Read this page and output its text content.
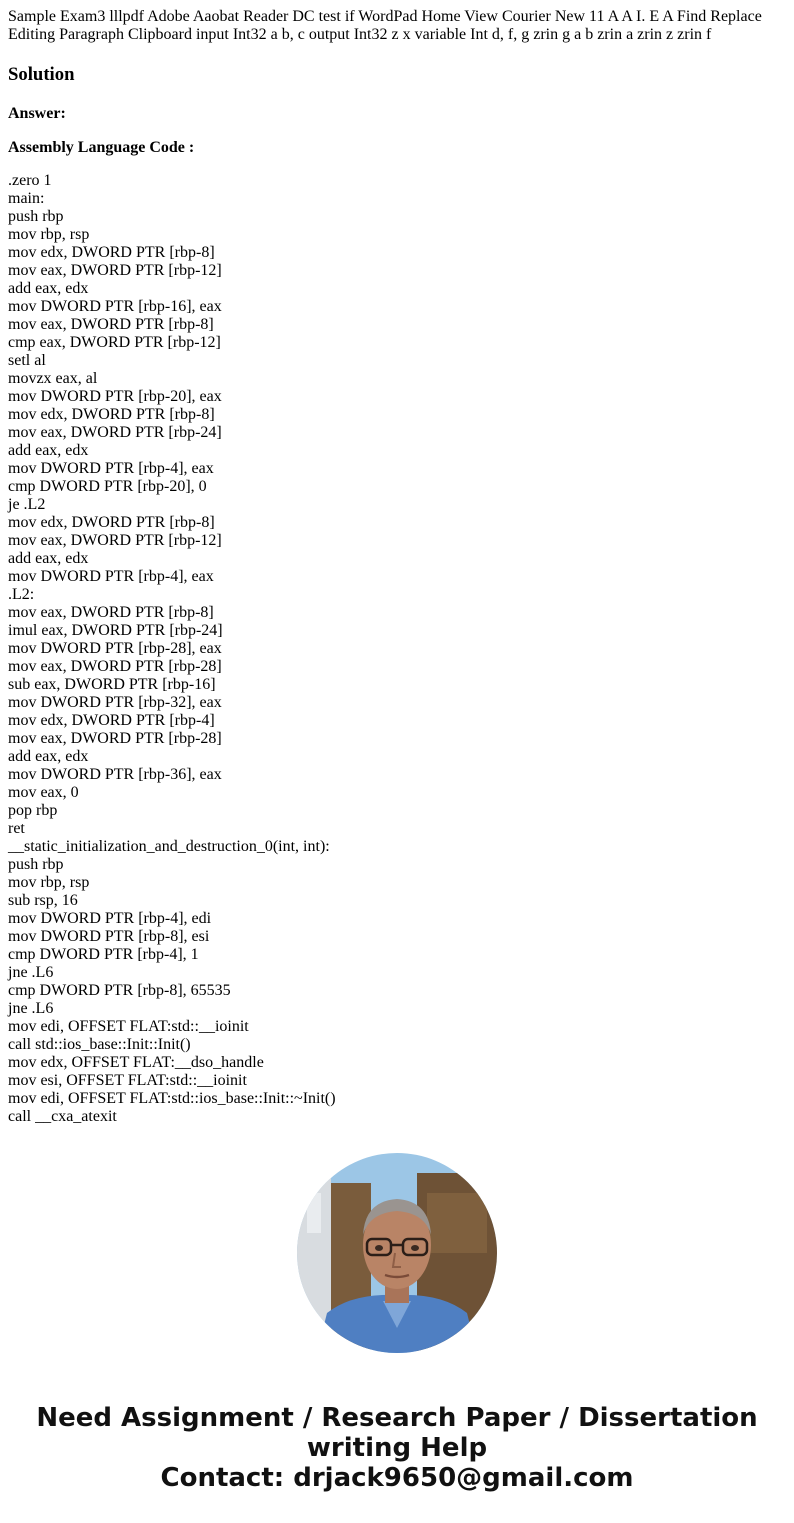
Sample Exam3 lllpdf Adobe Aaobat Reader DC test if WordPad Home View Courier New 11 A A I. E A Find Replace Editing Paragraph Clipboard input Int32 a b, c output Int32 z x variable Int d, f, g zrin g a b zrin a zrin z zrin f

Solution

Answer:

Assembly Language Code :

.zero 1
main:
push rbp
mov rbp, rsp
mov edx, DWORD PTR [rbp-8]
mov eax, DWORD PTR [rbp-12]
add eax, edx
mov DWORD PTR [rbp-16], eax
mov eax, DWORD PTR [rbp-8]
cmp eax, DWORD PTR [rbp-12]
setl al
movzx eax, al
mov DWORD PTR [rbp-20], eax
mov edx, DWORD PTR [rbp-8]
mov eax, DWORD PTR [rbp-24]
add eax, edx
mov DWORD PTR [rbp-4], eax
cmp DWORD PTR [rbp-20], 0
je .L2
mov edx, DWORD PTR [rbp-8]
mov eax, DWORD PTR [rbp-12]
add eax, edx
mov DWORD PTR [rbp-4], eax
.L2:
mov eax, DWORD PTR [rbp-8]
imul eax, DWORD PTR [rbp-24]
mov DWORD PTR [rbp-28], eax
mov eax, DWORD PTR [rbp-28]
sub eax, DWORD PTR [rbp-16]
mov DWORD PTR [rbp-32], eax
mov edx, DWORD PTR [rbp-4]
mov eax, DWORD PTR [rbp-28]
add eax, edx
mov DWORD PTR [rbp-36], eax
mov eax, 0
pop rbp
ret
__static_initialization_and_destruction_0(int, int):
push rbp
mov rbp, rsp
sub rsp, 16
mov DWORD PTR [rbp-4], edi
mov DWORD PTR [rbp-8], esi
cmp DWORD PTR [rbp-4], 1
jne .L6
cmp DWORD PTR [rbp-8], 65535
jne .L6
mov edi, OFFSET FLAT:std::__ioinit
call std::ios_base::Init::Init()
mov edx, OFFSET FLAT:__dso_handle
mov esi, OFFSET FLAT:std::__ioinit
mov edi, OFFSET FLAT:std::ios_base::Init::~Init()
call __cxa_atexit
Need Assignment / Research Paper / Dissertation
writing Help
Contact: drjack9650@gmail.com
